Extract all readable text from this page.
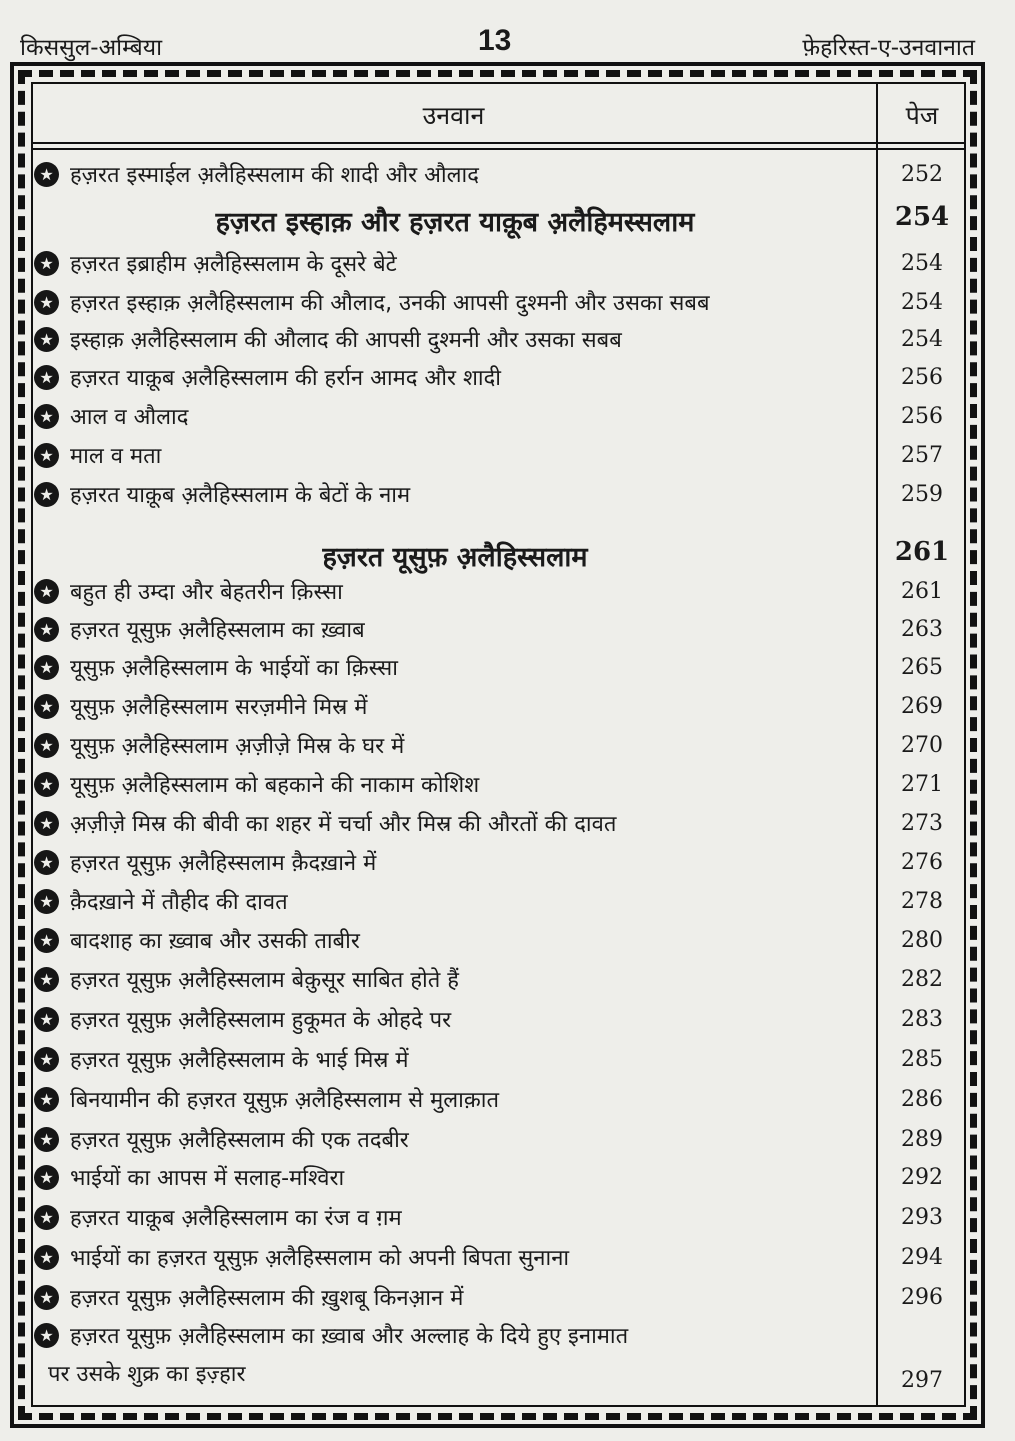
किससुल-अम्बिया	13	फ़ेहरिस्त-ए-उनवानात
उनवान	पेज
★ हज़रत इस्माईल अ़लैहिस्सलाम की शादी और औलाद	252
हज़रत इस्हाक़ और हज़रत याक़ूब अ़लैहिमस्सलाम	254
★ हज़रत इब्राहीम अ़लैहिस्सलाम के दूसरे बेटे	254
★ हज़रत इस्हाक़ अ़लैहिस्सलाम की औलाद, उनकी आपसी दुश्मनी और उसका सबब	254
★ इस्हाक़ अ़लैहिस्सलाम की औलाद की आपसी दुश्मनी और उसका सबब	254
★ हज़रत याक़ूब अ़लैहिस्सलाम की हर्रान आमद और शादी	256
★ आल व औलाद	256
★ माल व मता	257
★ हज़रत याक़ूब अ़लैहिस्सलाम के बेटों के नाम	259
हज़रत यूसुफ़ अ़लैहिस्सलाम	261
★ बहुत ही उम्दा और बेहतरीन क़िस्सा	261
★ हज़रत यूसुफ़ अ़लैहिस्सलाम का ख़्वाब	263
★ यूसुफ़ अ़लैहिस्सलाम के भाईयों का क़िस्सा	265
★ यूसुफ़ अ़लैहिस्सलाम सरज़मीने मिस्र में	269
★ यूसुफ़ अ़लैहिस्सलाम अ़ज़ीज़े मिस्र के घर में	270
★ यूसुफ़ अ़लैहिस्सलाम को बहकाने की नाकाम कोशिश	271
★ अ़ज़ीज़े मिस्र की बीवी का शहर में चर्चा और मिस्र की औरतों की दावत	273
★ हज़रत यूसुफ़ अ़लैहिस्सलाम क़ैदख़ाने में	276
★ क़ैदख़ाने में तौहीद की दावत	278
★ बादशाह का ख़्वाब और उसकी ताबीर	280
★ हज़रत यूसुफ़ अ़लैहिस्सलाम बेक़ुसूर साबित होते हैं	282
★ हज़रत यूसुफ़ अ़लैहिस्सलाम हुकूमत के ओहदे पर	283
★ हज़रत यूसुफ़ अ़लैहिस्सलाम के भाई मिस्र में	285
★ बिनयामीन की हज़रत यूसुफ़ अ़लैहिस्सलाम से मुलाक़ात	286
★ हज़रत यूसुफ़ अ़लैहिस्सलाम की एक तदबीर	289
★ भाईयों का आपस में सलाह-मश्विरा	292
★ हज़रत याक़ूब अ़लैहिस्सलाम का रंज व ग़म	293
★ भाईयों का हज़रत यूसुफ़ अ़लैहिस्सलाम को अपनी बिपता सुनाना	294
★ हज़रत यूसुफ़ अ़लैहिस्सलाम की ख़ुशबू किनआ़न में	296
★ हज़रत यूसुफ़ अ़लैहिस्सलाम का ख़्वाब और अल्लाह के दिये हुए इनामात
पर उसके शुक्र का इज़्हार	297
